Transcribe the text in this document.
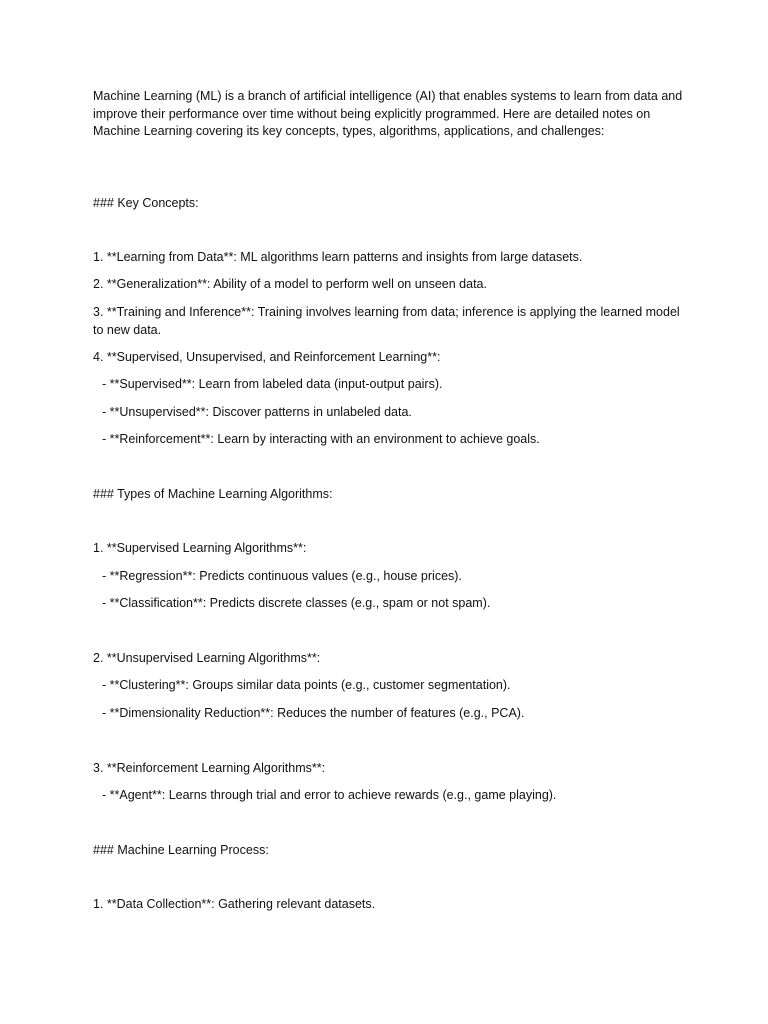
Machine Learning (ML) is a branch of artificial intelligence (AI) that enables systems to learn from data and improve their performance over time without being explicitly programmed. Here are detailed notes on Machine Learning covering its key concepts, types, algorithms, applications, and challenges:

### Key Concepts:

1. **Learning from Data**: ML algorithms learn patterns and insights from large datasets.

2. **Generalization**: Ability of a model to perform well on unseen data.

3. **Training and Inference**: Training involves learning from data; inference is applying the learned model to new data.

4. **Supervised, Unsupervised, and Reinforcement Learning**:

- **Supervised**: Learn from labeled data (input-output pairs).

- **Unsupervised**: Discover patterns in unlabeled data.

- **Reinforcement**: Learn by interacting with an environment to achieve goals.

### Types of Machine Learning Algorithms:

1. **Supervised Learning Algorithms**:

- **Regression**: Predicts continuous values (e.g., house prices).

- **Classification**: Predicts discrete classes (e.g., spam or not spam).

2. **Unsupervised Learning Algorithms**:

- **Clustering**: Groups similar data points (e.g., customer segmentation).

- **Dimensionality Reduction**: Reduces the number of features (e.g., PCA).

3. **Reinforcement Learning Algorithms**:

- **Agent**: Learns through trial and error to achieve rewards (e.g., game playing).

### Machine Learning Process:

1. **Data Collection**: Gathering relevant datasets.
